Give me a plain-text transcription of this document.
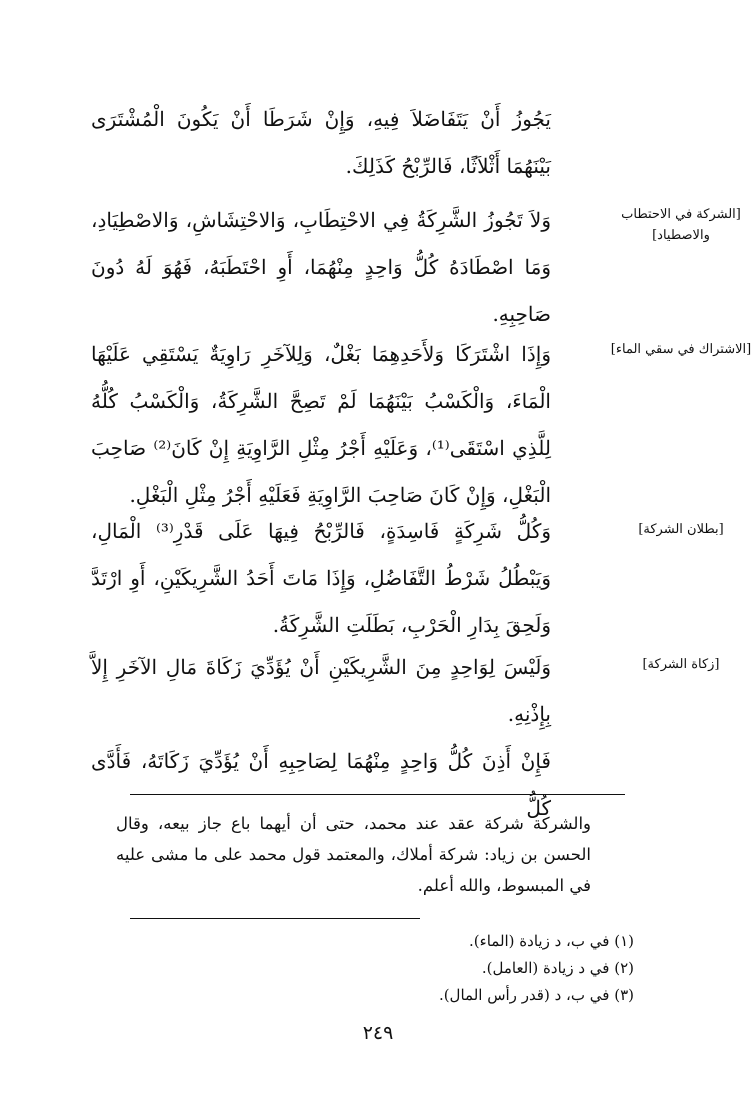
يَجُوزُ أَنْ يَتَفَاضَلاَ فِيهِ، وَإِنْ شَرَطَا أَنْ يَكُونَ الْمُشْتَرَى بَيْنَهُمَا أَثْلاَثًا، فَالرِّبْحُ كَذَلِكَ.

وَلاَ تَجُوزُ الشَّرِكَةُ فِي الاحْتِطَابِ، وَالاحْتِشَاشِ، وَالاصْطِيَادِ، وَمَا اصْطَادَهُ كُلُّ وَاحِدٍ مِنْهُمَا، أَوِ احْتَطَبَهُ، فَهُوَ لَهُ دُونَ صَاحِبِهِ.

[الشركة في الاحتطاب والاصطياد]

وَإِذَا اشْتَرَكَا وَلأَحَدِهِمَا بَغْلٌ، وَلِلآخَرِ رَاوِيَةٌ يَسْتَقِي عَلَيْهَا الْمَاءَ، وَالْكَسْبُ بَيْنَهُمَا لَمْ تَصِحَّ الشَّرِكَةُ، وَالْكَسْبُ كُلُّهُ لِلَّذِي اسْتَقَى⁽¹⁾، وَعَلَيْهِ أَجْرُ مِثْلِ الرَّاوِيَةِ إِنْ كَانَ⁽²⁾ صَاحِبَ الْبَغْلِ، وَإِنْ كَانَ صَاحِبَ الرَّاوِيَةِ فَعَلَيْهِ أَجْرُ مِثْلِ الْبَغْلِ.

[الاشتراك في سقي الماء]

وَكُلُّ شَرِكَةٍ فَاسِدَةٍ، فَالرِّبْحُ فِيهَا عَلَى قَدْرِ⁽³⁾ الْمَالِ، وَيَبْطُلُ شَرْطُ التَّفَاضُلِ، وَإِذَا مَاتَ أَحَدُ الشَّرِيكَيْنِ، أَوِ ارْتَدَّ وَلَحِقَ بِدَارِ الْحَرْبِ، بَطَلَتِ الشَّرِكَةُ.

[بطلان الشركة]

وَلَيْسَ لِوَاحِدٍ مِنَ الشَّرِيكَيْنِ أَنْ يُؤَدِّيَ زَكَاةَ مَالِ الآخَرِ إِلاَّ بِإِذْنِهِ.

[زكاة الشركة]

فَإِنْ أَذِنَ كُلُّ وَاحِدٍ مِنْهُمَا لِصَاحِبِهِ أَنْ يُؤَدِّيَ زَكَاتَهُ، فَأَدَّى كُلُّ

والشركة شركة عقد عند محمد، حتى أن أيهما باع جاز بيعه، وقال الحسن بن زياد: شركة أملاك، والمعتمد قول محمد على ما مشى عليه في المبسوط، والله أعلم.

(١) في ب، د زيادة (الماء).
(٢) في د زيادة (العامل).
(٣) في ب، د (قدر رأس المال).
٢٤٩
